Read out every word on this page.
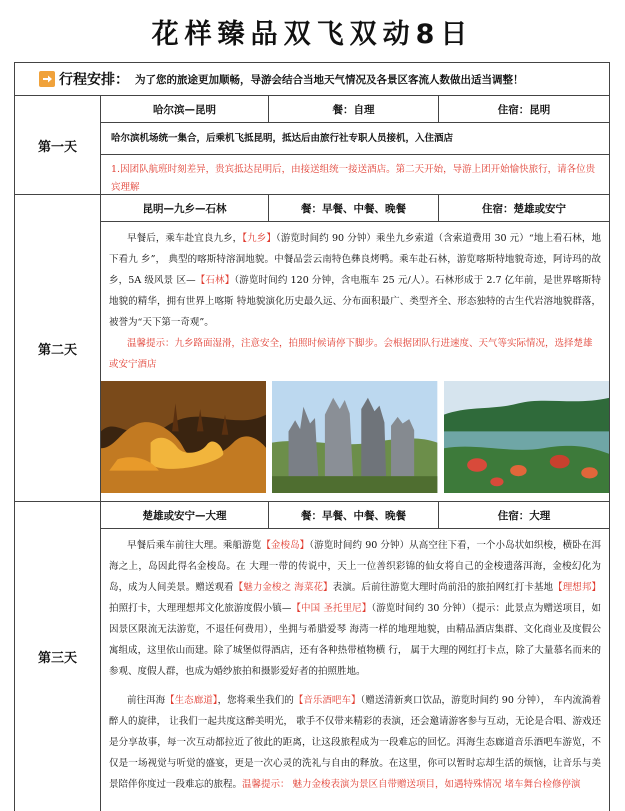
花样臻品双飞双动8日
行程安排： 为了您的旅途更加顺畅，导游会结合当地天气情况及各景区客流人数做出适当调整！
第一天
哈尔滨—昆明	餐：自理	住宿：昆明
哈尔滨机场统一集合，后乘机飞抵昆明，抵达后由旅行社专职人员接机，入住酒店
1.因团队航班时刻差异，贵宾抵达昆明后，由接送组统一接送酒店。第二天开始，导游上团开始愉快旅行，请各位贵宾理解
第二天
昆明—九乡—石林	餐：早餐、中餐、晚餐	住宿：楚雄或安宁
早餐后，乘车赴宜良九乡，【九乡】（游览时间约 90 分钟）乘坐九乡索道（含索道费用 30 元）“地上看石林，地下看九 乡”， 典型的喀斯特溶洞地貌。中餐品尝云南特色彝良烤鸭。乘车赴石林，游览喀斯特地貌奇迹，阿诗玛的故乡，5A 级风景 区—【石林】（游览时间约 120 分钟，含电瓶车 25 元/人）。石林形成于 2.7 亿年前，是世界喀斯特地貌的精华，拥有世界上喀斯 特地貌演化历史最久远、分布面积最广、类型齐全、形态独特的古生代岩溶地貌群落，被誉为“天下第一奇观”。
温馨提示：九乡路面湿滑，注意安全，拍照时候请停下脚步。会根据团队行进速度、天气等实际情况，选择楚雄或安宁酒店
第三天
楚雄或安宁—大理	餐：早餐、中餐、晚餐	住宿：大理
早餐后乘车前往大理。乘船游览【金梭岛】（游览时间约 90 分钟）从高空往下看，一个小岛状如织梭，横卧在洱海之上，岛因此得名金梭岛。在 大理一带的传说中，天上一位善织彩锦的仙女将自己的金梭遗落洱海，金梭幻化为岛，成为人间美景。赠送观看【魅力金梭之 海菜花】表演。后前往游览大理时尚前沿的旅拍网红打卡基地【理想邦】拍照打卡，大理理想邦文化旅游度假小镇—【中国 圣托里尼】（游览时间约 30 分钟）（提示：此景点为赠送项目，如因景区限流无法游览，不退任何费用），坐拥与希腊爱琴 海湾一样的地理地貌，由精品酒店集群、文化商业及度假公寓组成，这里依山而建。除了城堡似得酒店，还有各种热带植物横 行， 属于大理的网红打卡点，除了大量慕名而来的参观、度假人群，也成为婚纱旅拍和摄影爱好者的拍照胜地。
前往洱海【生态廊道】，您将乘坐我们的【音乐酒吧车】（赠送清新爽口饮品，游览时间约 90 分钟）， 车内流淌着醉人的旋律， 让我们一起共度这醉美明光， 歌手不仅带来精彩的表演，还会邀请游客参与互动，无论是合唱、游戏还是分享故事，每一次互动都拉近了彼此的距离，让这段旅程成为一段难忘的回忆。洱海生态廊道音乐酒吧车游览，不仅是一场视觉与听觉的盛宴，更是一次心灵的洗礼与自由的释放。在这里，你可以暂时忘却生活的烦恼，让音乐与美景陪伴你度过一段难忘的旅程。温馨提示： 魅力金梭表演为景区自带赠送项目，如遇特殊情况 堵车舞台检修停演
